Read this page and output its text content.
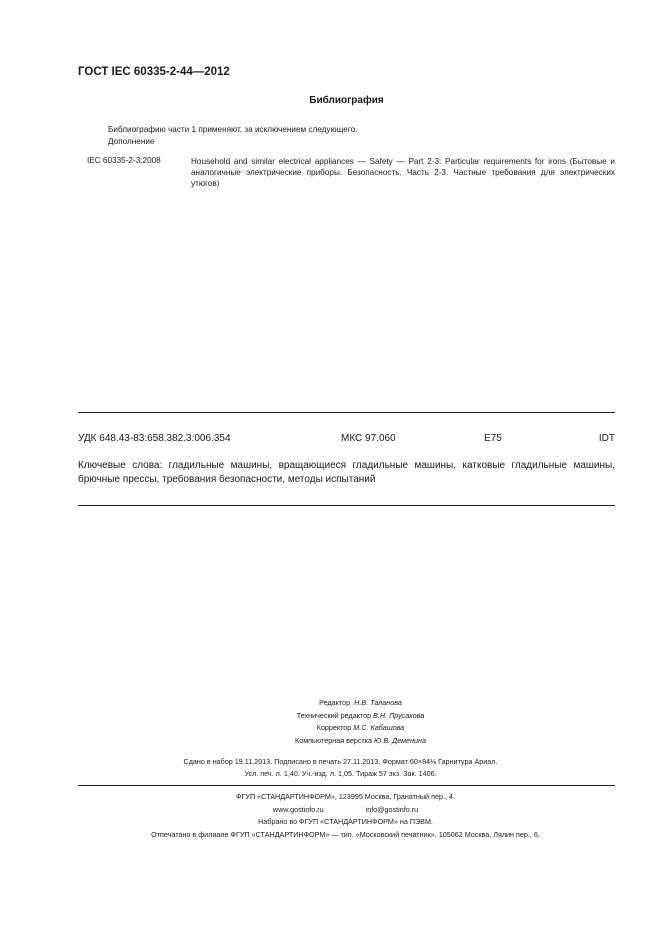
ГОСТ IEC 60335-2-44—2012
Библиография
Библиографию части 1 применяют, за исключением следующего.
Дополнение
IEC 60335-2-3:2008	Household and similar electrical appliances — Safety — Part 2-3: Particular requirements for irons (Бытовые и аналогичные электрические приборы. Безопасность. Часть 2-3. Частные требования для электрических утюгов)
УДК 648.43-83:658.382.3:006.354	МКС 97.060	Е75	IDT
Ключевые слова: гладильные машины, вращающиеся гладильные машины, катковые гладильные машины, брючные прессы, требования безопасности, методы испытаний
Редактор Н.В. Таланова
Технический редактор В.Н. Прусакова
Корректор М.С. Кабашова
Компьютерная верстка Ю.В. Деменина
Сдано в набор 19.11.2013. Подписано в печать 27.11.2013. Формат 60×84⅛ Гарнитура Ариал.
Усл. печ. л. 1,40. Уч.-изд. л. 1,05. Тираж 57 экз. Зак. 1406.
ФГУП «СТАНДАРТИНФОРМ», 123995 Москва, Гранатный пер., 4.
www.gostinfo.ru	info@gostinfo.ru
Набрано во ФГУП «СТАНДАРТИНФОРМ» на ПЭВМ.
Отпечатано в филиале ФГУП «СТАНДАРТИНФОРМ» — тип. «Московский печатник», 105062 Москва, Лялин пер., 6.
